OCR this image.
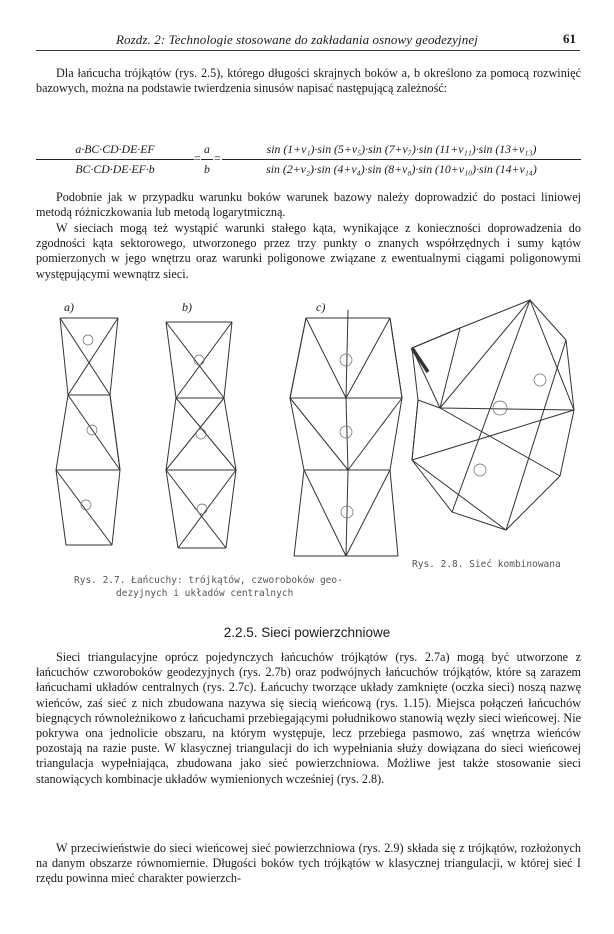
Rozdz. 2: Technologie stosowane do zakładania osnowy geodezyjnej	61

Dla łańcucha trójkątów (rys. 2.5), którego długości skrajnych boków a, b określono za pomocą rozwinięć bazowych, można na podstawie twierdzenia sinusów napisać następującą zależność:

$\frac{a\cdot BC\cdot CD\cdot DE\cdot EF}{BC\cdot CD\cdot DE\cdot EF\cdot b} = \frac{a}{b} = \frac{\text{sin (1+v₁)·sin (5+v₅)·sin (7+v₇)·sin (11+v₁₁)·sin (13+v₁₃)}}{\text{sin (2+v₂)·sin (4+v₄)·sin (8+v₈)·sin (10+v₁₀)·sin (14+v₁₄)}}$

Podobnie jak w przypadku warunku boków warunek bazowy należy doprowadzić do postaci liniowej metodą różniczkowania lub metodą logarytmiczną.

W sieciach mogą też wystąpić warunki stałego kąta, wynikające z konieczności doprowadzenia do zgodności kąta sektorowego, utworzonego przez trzy punkty o znanych współrzędnych i sumy kątów pomierzonych w jego wnętrzu oraz warunki poligonowe związane z ewentualnymi ciągami poligonowymi występującymi wewnątrz sieci.

a)	b)	c)
Rys. 2.7. Łańcuchy: trójkątów, czworoboków geo-
dezyjnych i układów centralnych
Rys. 2.8. Sieć kombinowana
2.2.5. Sieci powierzchniowe

Sieci triangulacyjne oprócz pojedynczych łańcuchów trójkątów (rys. 2.7a) mogą być utworzone z łańcuchów czworoboków geodezyjnych (rys. 2.7b) oraz podwójnych łańcuchów trójkątów, które są zarazem łańcuchami układów centralnych (rys. 2.7c). Łańcuchy tworzące układy zamknięte (oczka sieci) noszą nazwę wieńców, zaś sieć z nich zbudowana nazywa się siecią wieńcową (rys. 1.15). Miejsca połączeń łańcuchów biegnących równoleżnikowo z łańcuchami przebiegającymi południkowo stanowią węzły sieci wieńcowej. Nie pokrywa ona jednolicie obszaru, na którym występuje, lecz przebiega pasmowo, zaś wnętrza wieńców pozostają na razie puste. W klasycznej triangulacji do ich wypełniania służy dowiązana do sieci wieńcowej triangulacja wypełniająca, zbudowana jako sieć powierzchniowa. Możliwe jest także stosowanie sieci stanowiących kombinacje układów wymienionych wcześniej (rys. 2.8).

W przeciwieństwie do sieci wieńcowej sieć powierzchniowa (rys. 2.9) składa się z trójkątów, rozłożonych na danym obszarze równomiernie. Długości boków tych trójkątów w klasycznej triangulacji, w której sieć I rzędu powinna mieć charakter powierzch-
